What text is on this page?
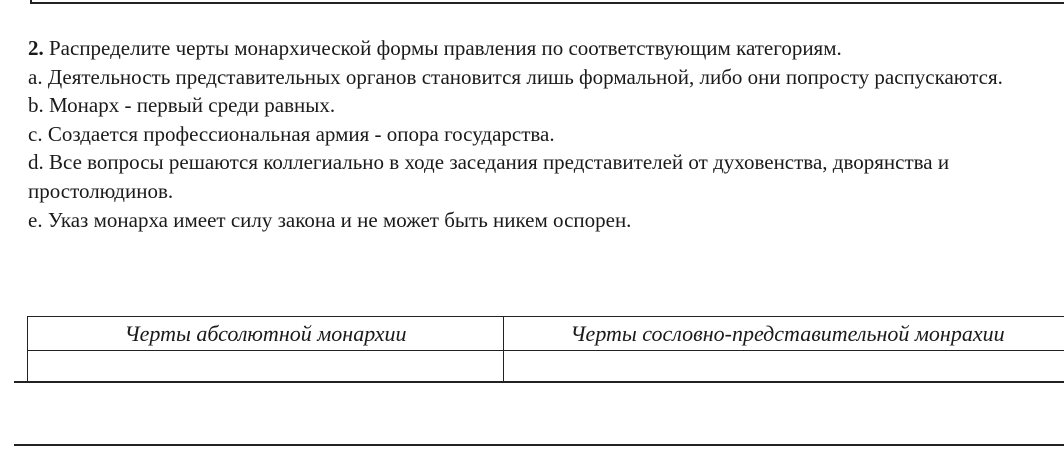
2. Распределите черты монархической формы правления по соответствующим категориям.

a. Деятельность представительных органов становится лишь формальной, либо они попросту распускаются.

b. Монарх - первый среди равных.

c. Создается профессиональная армия - опора государства.

d. Все вопросы решаются коллегиально в ходе заседания представителей от духовенства, дворянства и простолюдинов.

e. Указ монарха имеет силу закона и не может быть никем оспорен.

Черты абсолютной монархии	Черты сословно-представительной монрахии
